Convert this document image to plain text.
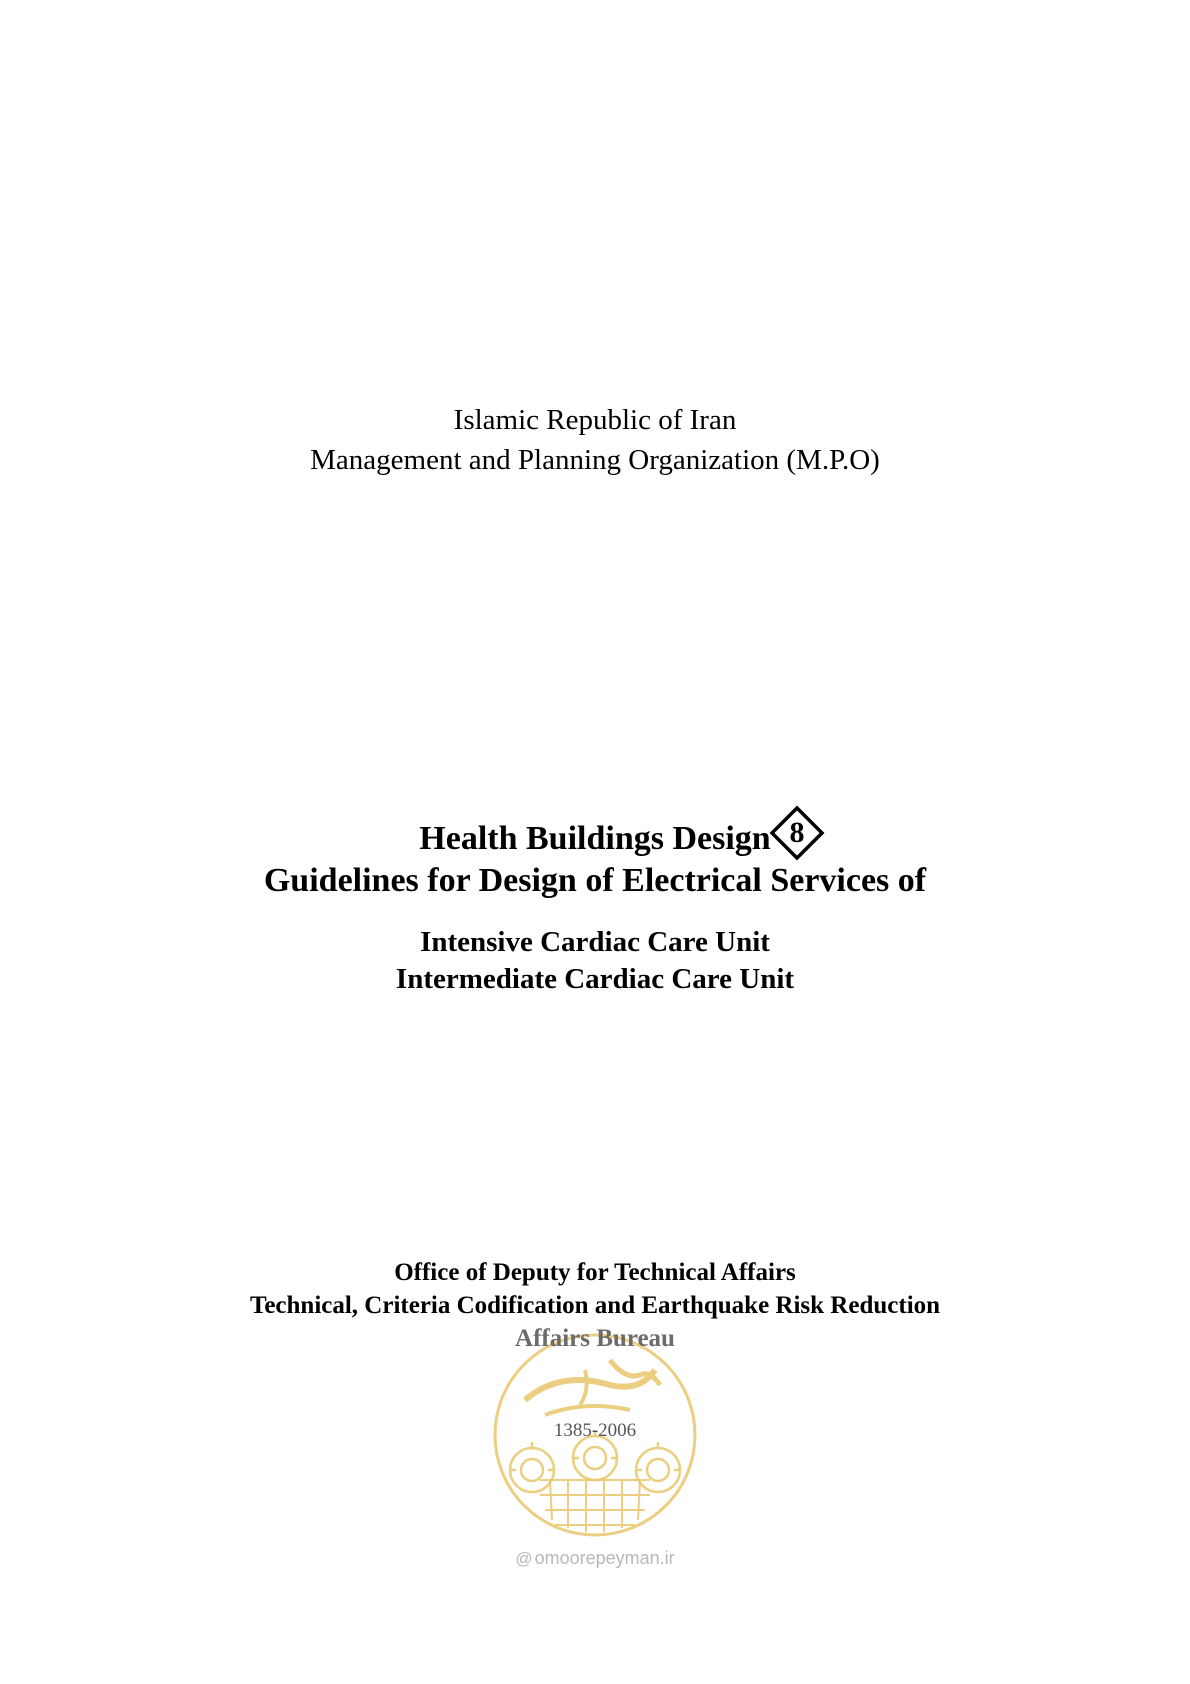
Islamic Republic of Iran
Management and Planning Organization (M.P.O)
Health Buildings Design 8
Guidelines for Design of Electrical Services of
Intensive Cardiac Care Unit
Intermediate Cardiac Care Unit
Office of Deputy for Technical Affairs
Technical, Criteria Codification and Earthquake Risk Reduction
Affairs Bureau
1385-2006
@ omoorepeyman.ir
